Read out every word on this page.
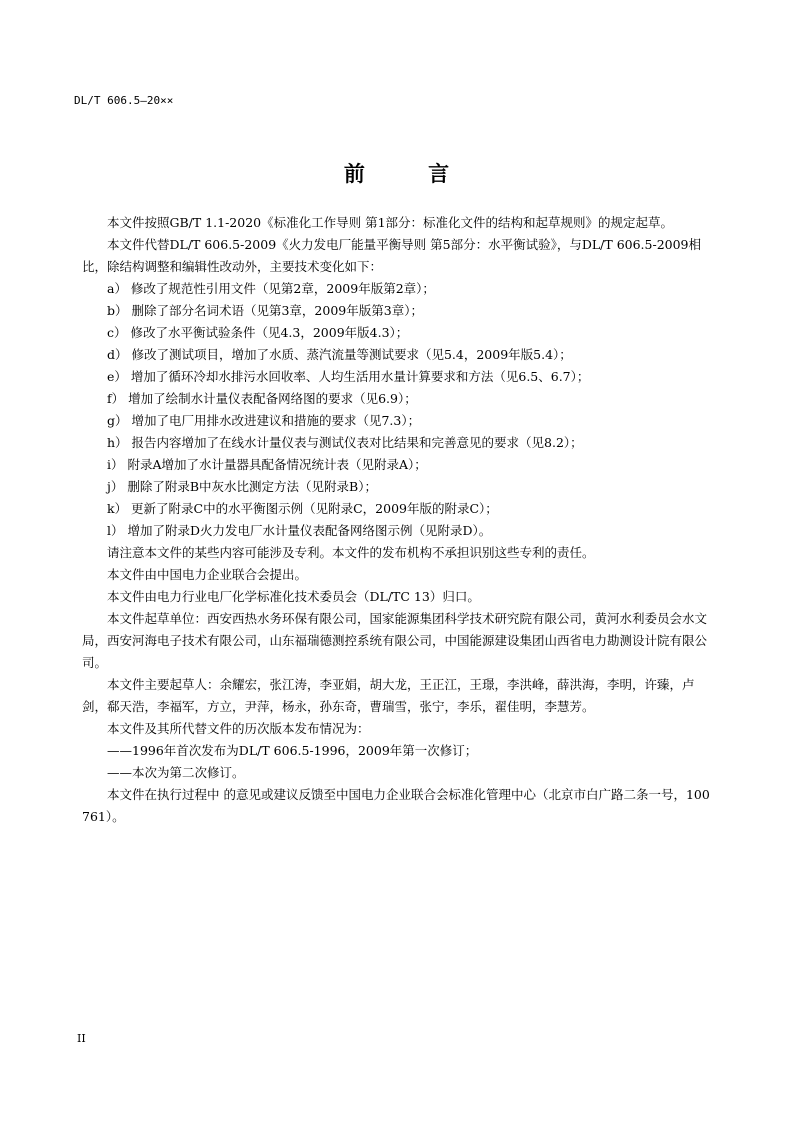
DL/T 606.5—20××
前 言

本文件按照GB/T 1.1-2020《标准化工作导则 第1部分：标准化文件的结构和起草规则》的规定起草。

本文件代替DL/T 606.5-2009《火力发电厂能量平衡导则 第5部分：水平衡试验》，与DL/T 606.5-2009相比，除结构调整和编辑性改动外，主要技术变化如下：

a） 修改了规范性引用文件（见第2章，2009年版第2章）；

b） 删除了部分名词术语（见第3章，2009年版第3章）；

c） 修改了水平衡试验条件（见4.3，2009年版4.3）；

d） 修改了测试项目，增加了水质、蒸汽流量等测试要求（见5.4，2009年版5.4）；

e） 增加了循环冷却水排污水回收率、人均生活用水量计算要求和方法（见6.5、6.7）；

f） 增加了绘制水计量仪表配备网络图的要求（见6.9）；

g） 增加了电厂用排水改进建议和措施的要求（见7.3）；

h） 报告内容增加了在线水计量仪表与测试仪表对比结果和完善意见的要求（见8.2）；

i） 附录A增加了水计量器具配备情况统计表（见附录A）；

j） 删除了附录B中灰水比测定方法（见附录B）；

k） 更新了附录C中的水平衡图示例（见附录C，2009年版的附录C）；

l） 增加了附录D火力发电厂水计量仪表配备网络图示例（见附录D）。

请注意本文件的某些内容可能涉及专利。本文件的发布机构不承担识别这些专利的责任。

本文件由中国电力企业联合会提出。

本文件由电力行业电厂化学标准化技术委员会（DL/TC 13）归口。

本文件起草单位：西安西热水务环保有限公司，国家能源集团科学技术研究院有限公司，黄河水利委员会水文局，西安河海电子技术有限公司，山东福瑞德测控系统有限公司，中国能源建设集团山西省电力勘测设计院有限公司。

本文件主要起草人：余耀宏，张江涛，李亚娟，胡大龙，王正江，王璟，李洪峰，薛洪海，李明，许臻，卢剑，郗天浩，李福军，方立，尹萍，杨永，孙东奇，曹瑞雪，张宁，李乐，翟佳明，李慧芳。

本文件及其所代替文件的历次版本发布情况为：

——1996年首次发布为DL/T 606.5-1996，2009年第一次修订；

——本次为第二次修订。

本文件在执行过程中 的意见或建议反馈至中国电力企业联合会标准化管理中心（北京市白广路二条一号，100761）。

II
